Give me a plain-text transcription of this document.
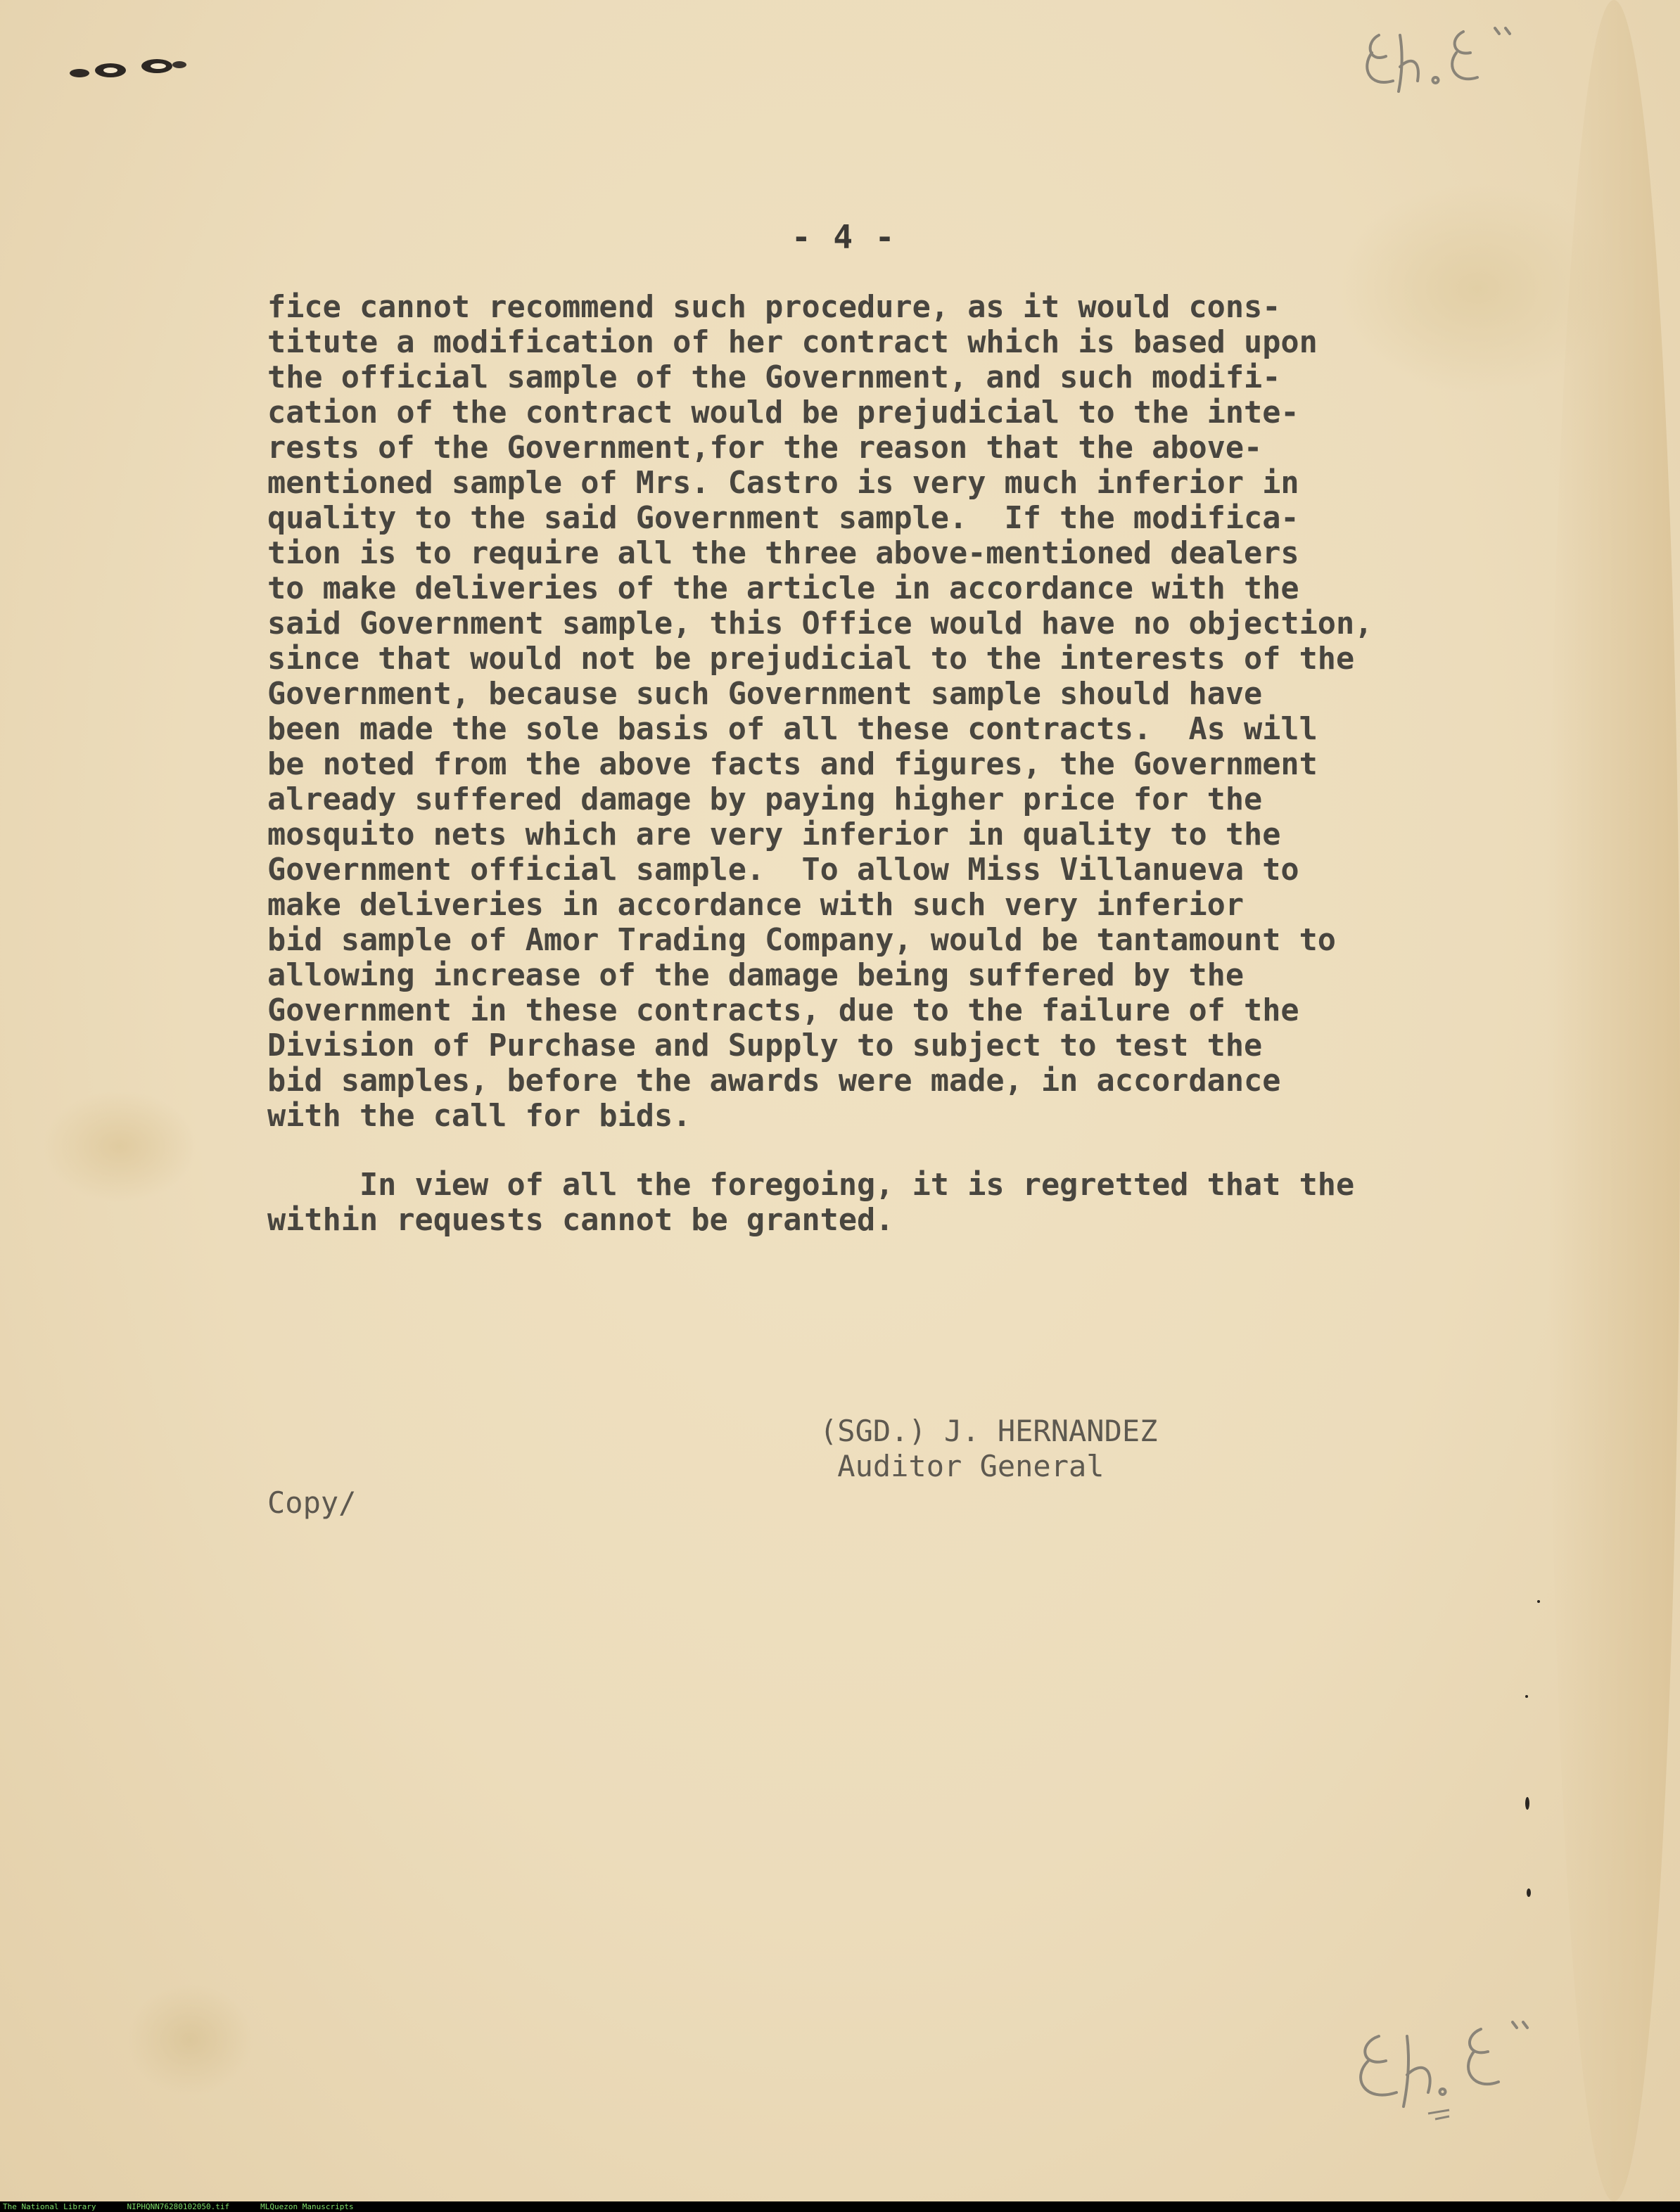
- 4 -
fice cannot recommend such procedure, as it would cons-
titute a modification of her contract which is based upon
the official sample of the Government, and such modifi-
cation of the contract would be prejudicial to the inte-
rests of the Government,for the reason that the above-
mentioned sample of Mrs. Castro is very much inferior in
quality to the said Government sample.  If the modifica-
tion is to require all the three above-mentioned dealers
to make deliveries of the article in accordance with the
said Government sample, this Office would have no objection,
since that would not be prejudicial to the interests of the
Government, because such Government sample should have
been made the sole basis of all these contracts.  As will
be noted from the above facts and figures, the Government
already suffered damage by paying higher price for the
mosquito nets which are very inferior in quality to the
Government official sample.  To allow Miss Villanueva to
make deliveries in accordance with such very inferior
bid sample of Amor Trading Company, would be tantamount to
allowing increase of the damage being suffered by the
Government in these contracts, due to the failure of the
Division of Purchase and Supply to subject to test the
bid samples, before the awards were made, in accordance
with the call for bids.
In view of all the foregoing, it is regretted that the
within requests cannot be granted.
(SGD.) J. HERNANDEZ
Auditor General
Copy/
The National Library	NIPHQNN76280102050.tif	MLQuezon Manuscripts
